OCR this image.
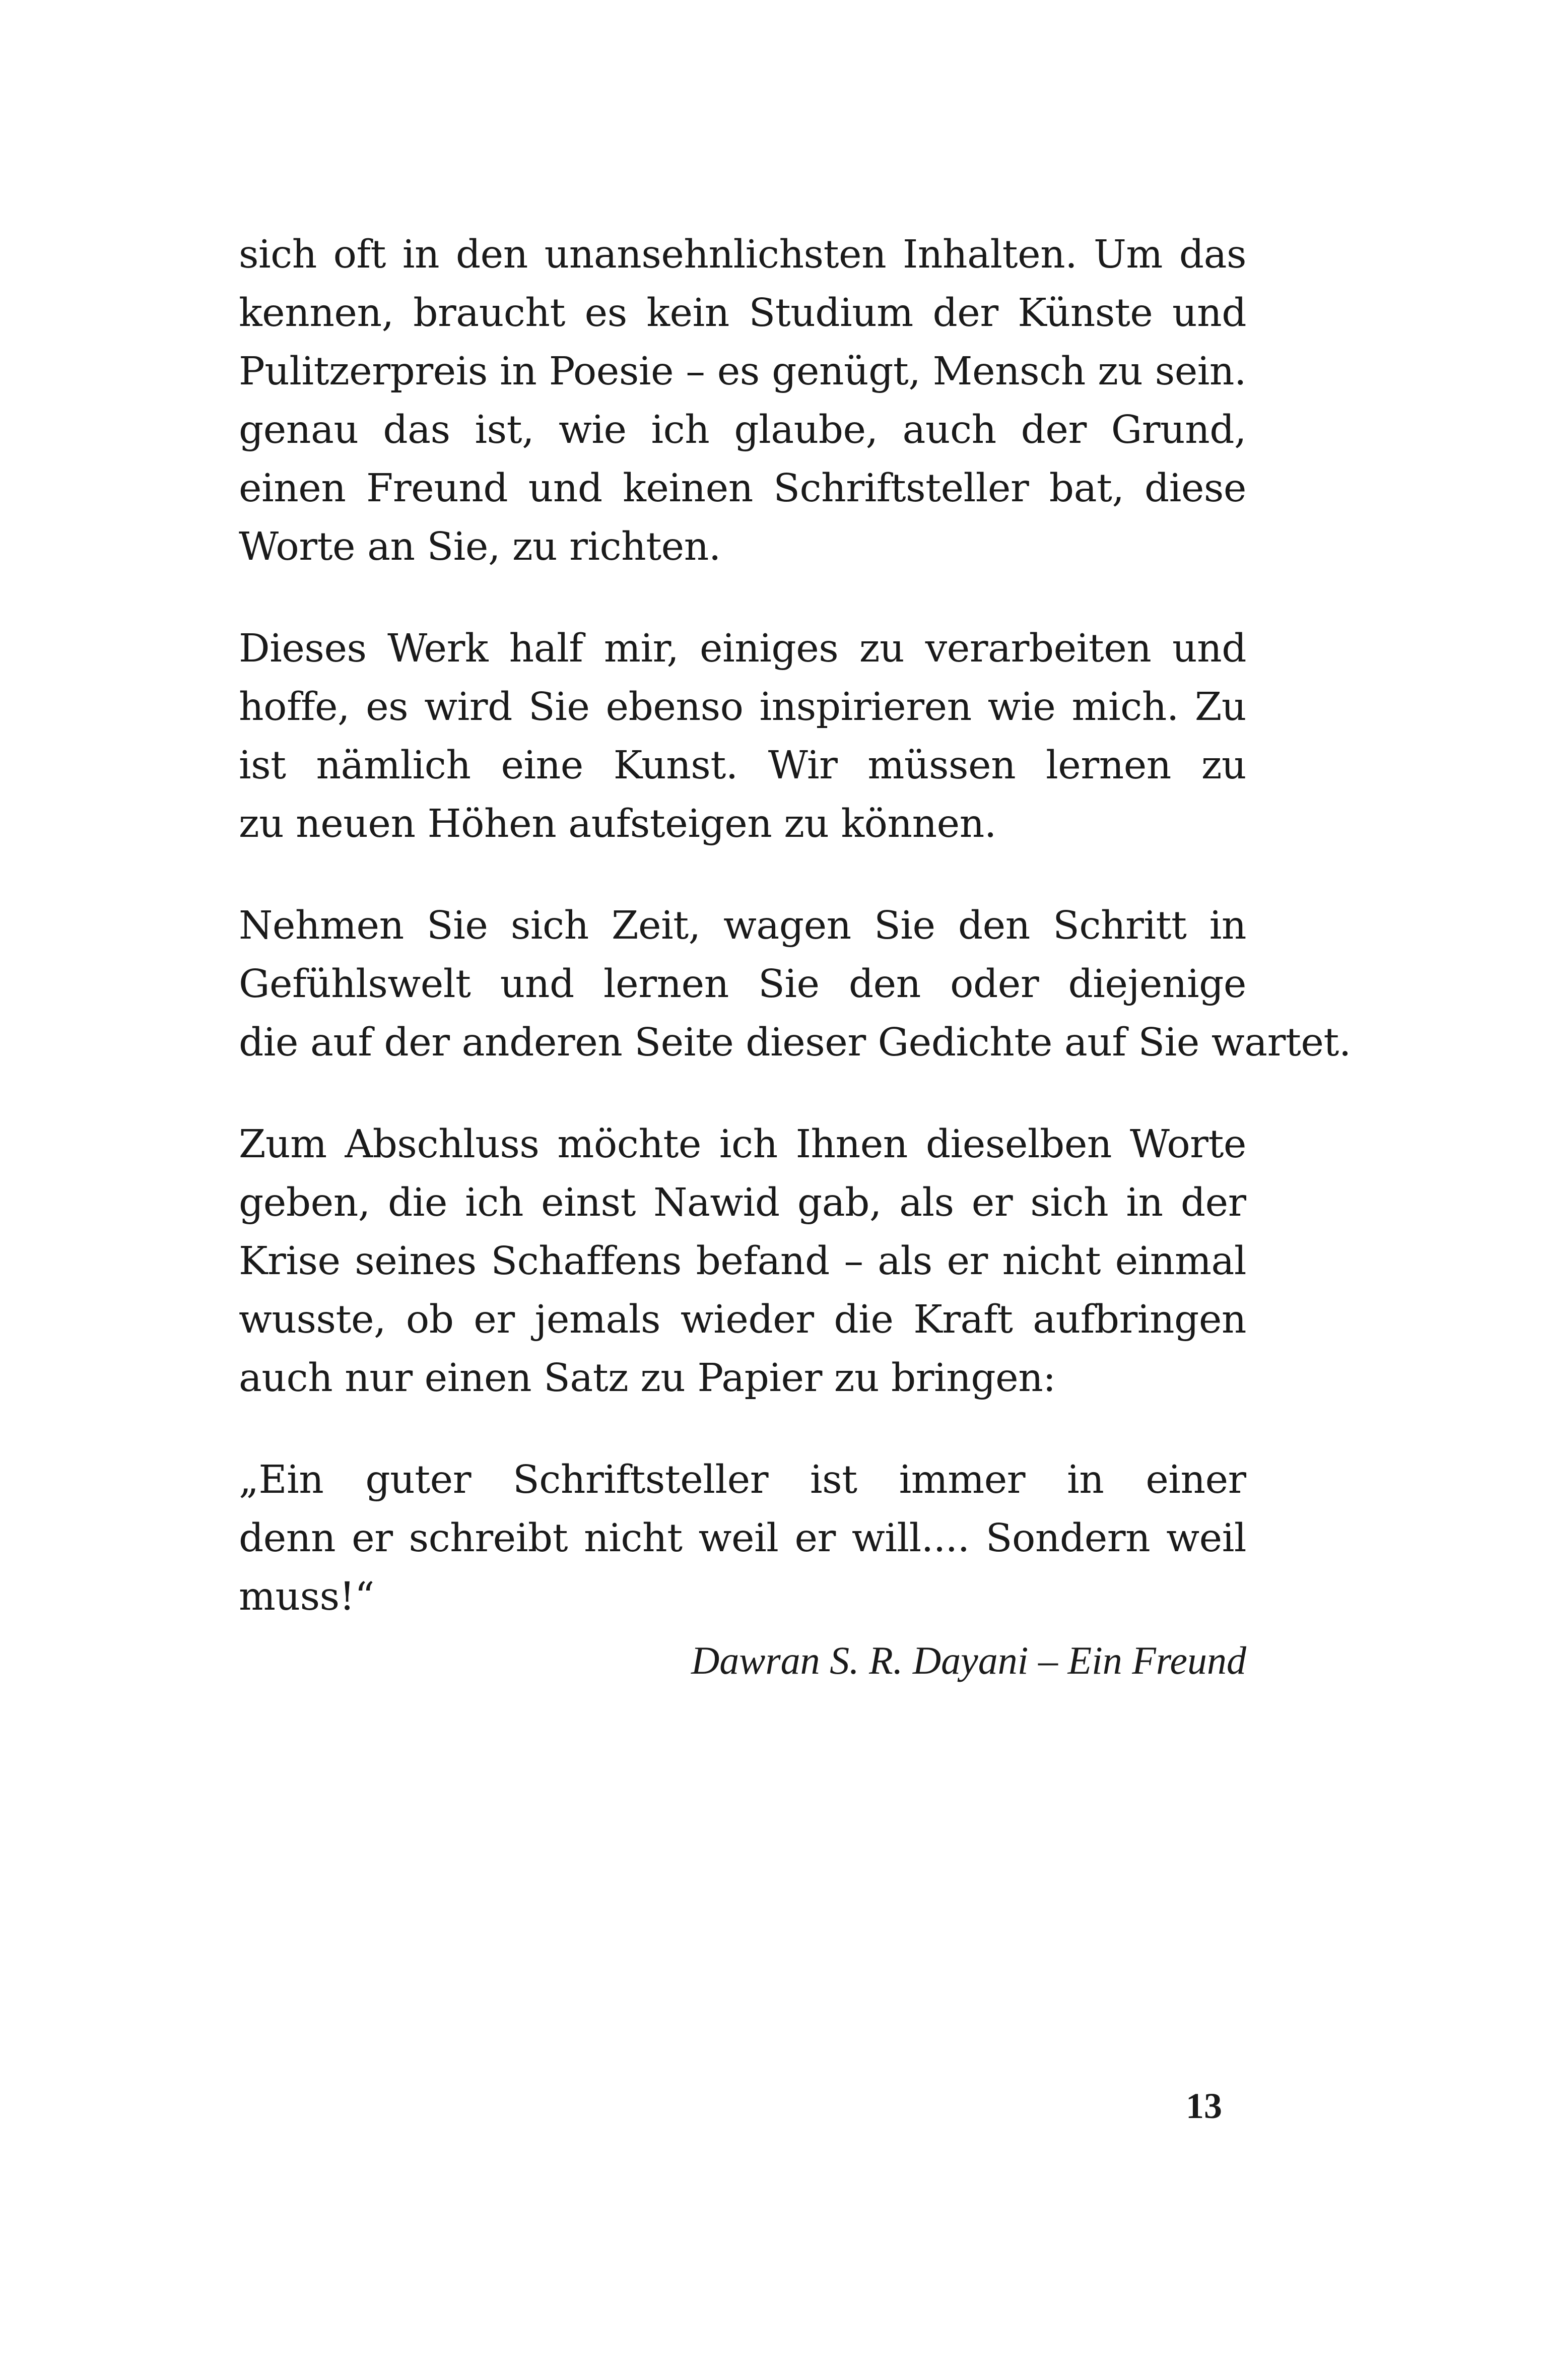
sich oft in den unansehnlichsten Inhalten. Um das
kennen, braucht es kein Studium der Künste und
Pulitzerpreis in Poesie – es genügt, Mensch zu sein.
genau das ist, wie ich glaube, auch der Grund,
einen Freund und keinen Schriftsteller bat, diese
Worte an Sie, zu richten.
Dieses Werk half mir, einiges zu verarbeiten und
hoffe, es wird Sie ebenso inspirieren wie mich. Zu
ist nämlich eine Kunst. Wir müssen lernen zu
zu neuen Höhen aufsteigen zu können.
Nehmen Sie sich Zeit, wagen Sie den Schritt in
Gefühlswelt und lernen Sie den oder diejenige
die auf der anderen Seite dieser Gedichte auf Sie wartet.
Zum Abschluss möchte ich Ihnen dieselben Worte
geben, die ich einst Nawid gab, als er sich in der
Krise seines Schaffens befand – als er nicht einmal
wusste, ob er jemals wieder die Kraft aufbringen
auch nur einen Satz zu Papier zu bringen:
„Ein guter Schriftsteller ist immer in einer
denn er schreibt nicht weil er will.... Sondern weil
muss!“
Dawran S. R. Dayani – Ein Freund
13
